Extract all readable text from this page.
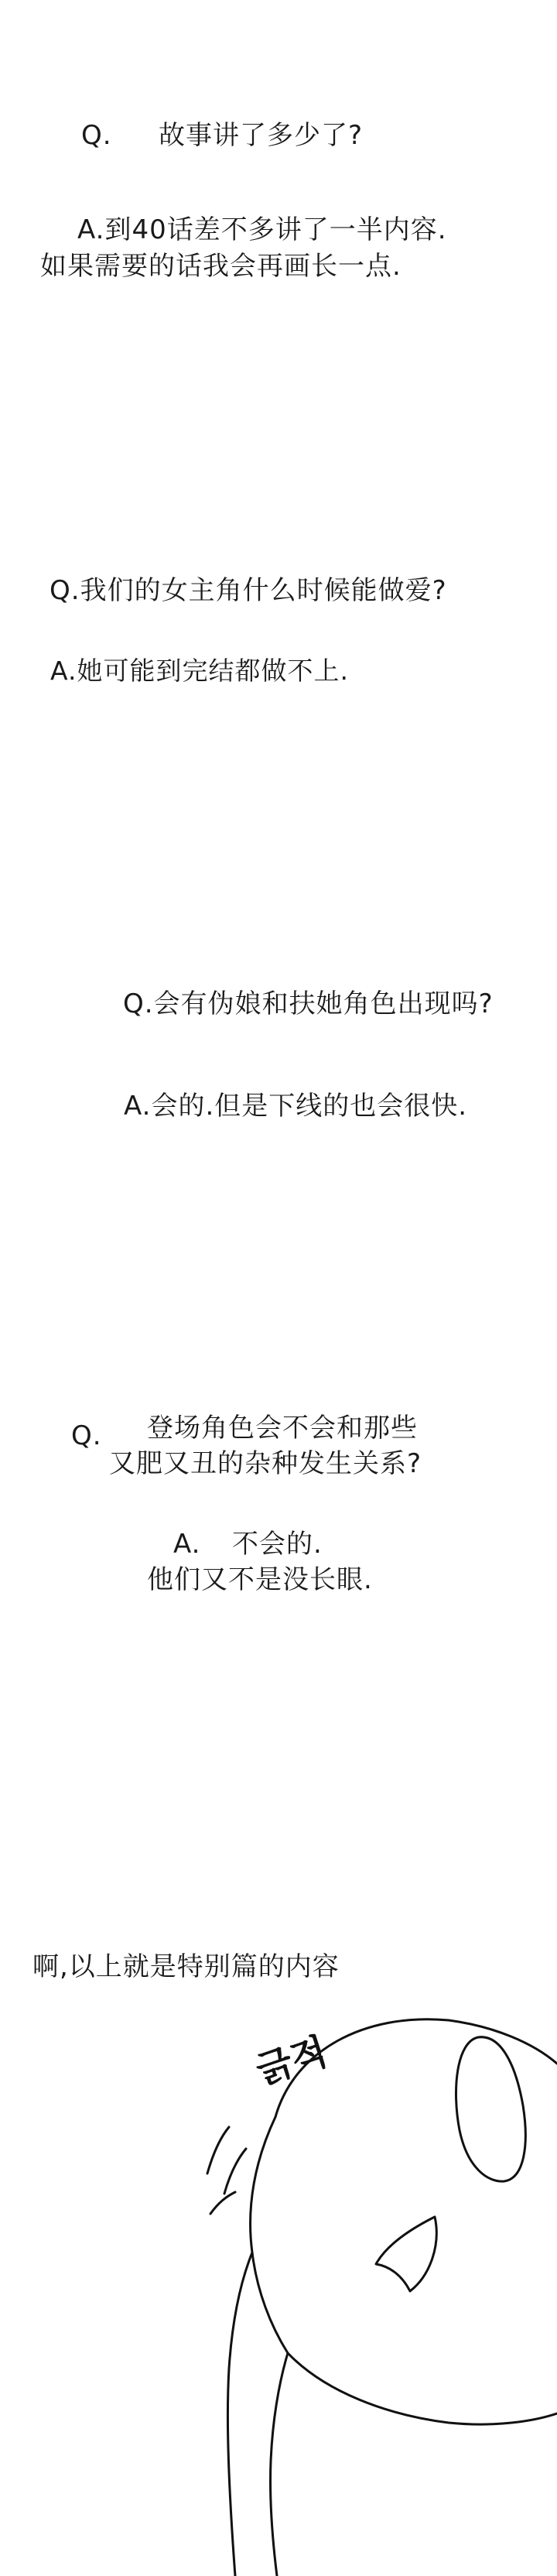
Q. 故事讲了多少了?
A.到40话差不多讲了一半内容.
如果需要的话我会再画长一点.
Q.我们的女主角什么时候能做爱?
A.她可能到完结都做不上.
Q.会有伪娘和扶她角色出现吗?
A.会的.但是下线的也会很快.
Q. 登场角色会不会和那些
又肥又丑的杂种发生关系?
A. 不会的.
他们又不是没长眼.
啊,以上就是特别篇的内容
긁적
